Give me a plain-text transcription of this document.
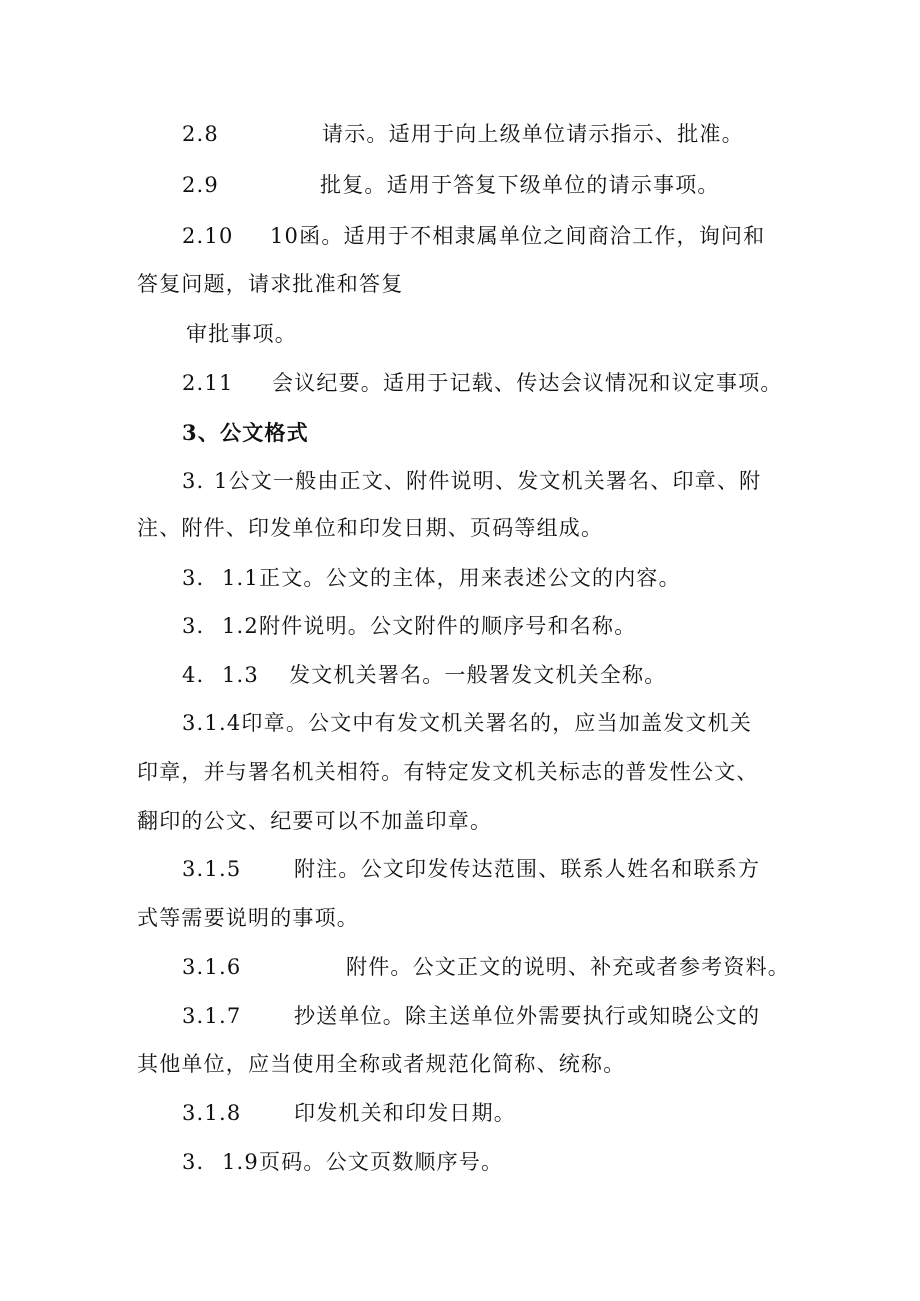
2.8	请示。适用于向上级单位请示指示、批准。
2.9	批复。适用于答复下级单位的请示事项。
2.10 10函。适用于不相隶属单位之间商洽工作，询问和
答复问题，请求批准和答复
审批事项。
2.11 会议纪要。适用于记载、传达会议情况和议定事项。
3、公文格式
3. 1公文一般由正文、附件说明、发文机关署名、印章、附
注、附件、印发单位和印发日期、页码等组成。
3. 1.1正文。公文的主体，用来表述公文的内容。
3. 1.2附件说明。公文附件的顺序号和名称。
4. 1.3　 发文机关署名。一般署发文机关全称。
3.1.4印章。公文中有发文机关署名的，应当加盖发文机关
印章，并与署名机关相符。有特定发文机关标志的普发性公文、
翻印的公文、纪要可以不加盖印章。
3.1.5	附注。公文印发传达范围、联系人姓名和联系方
式等需要说明的事项。
3.1.6	附件。公文正文的说明、补充或者参考资料。
3.1.7	抄送单位。除主送单位外需要执行或知晓公文的
其他单位，应当使用全称或者规范化简称、统称。
3.1.8	印发机关和印发日期。
3. 1.9页码。公文页数顺序号。
